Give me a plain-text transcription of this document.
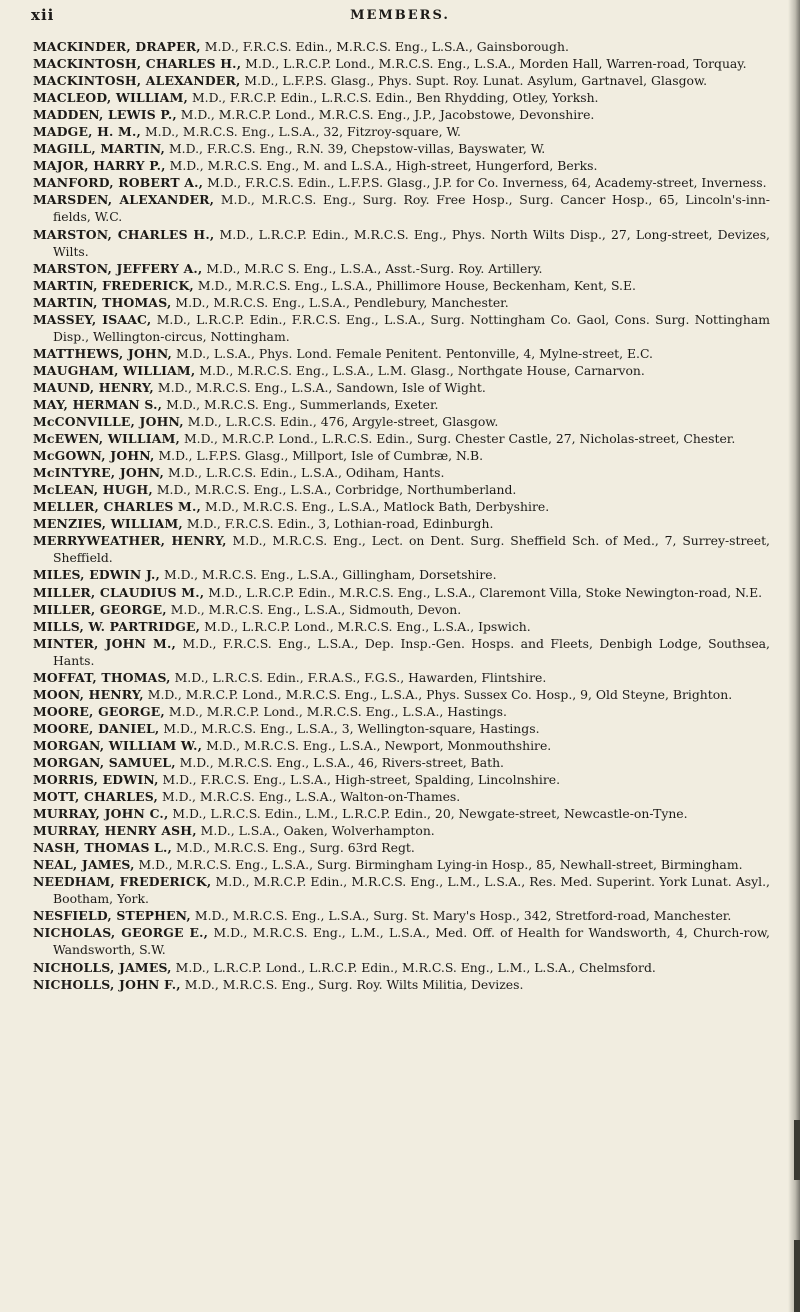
xii	MEMBERS.

MACKINDER, DRAPER, M.D., F.R.C.S. Edin., M.R.C.S. Eng., L.S.A., Gainsborough.

MACKINTOSH, CHARLES H., M.D., L.R.C.P. Lond., M.R.C.S. Eng., L.S.A., Morden Hall, Warren-road, Torquay.

MACKINTOSH, ALEXANDER, M.D., L.F.P.S. Glasg., Phys. Supt. Roy. Lunat. Asylum, Gartnavel, Glasgow.

MACLEOD, WILLIAM, M.D., F.R.C.P. Edin., L.R.C.S. Edin., Ben Rhydding, Otley, Yorksh.

MADDEN, LEWIS P., M.D., M.R.C.P. Lond., M.R.C.S. Eng., J.P., Jacobstowe, Devonshire.

MADGE, H. M., M.D., M.R.C.S. Eng., L.S.A., 32, Fitzroy-square, W.

MAGILL, MARTIN, M.D., F.R.C.S. Eng., R.N. 39, Chepstow-villas, Bayswater, W.

MAJOR, HARRY P., M.D., M.R.C.S. Eng., M. and L.S.A., High-street, Hungerford, Berks.

MANFORD, ROBERT A., M.D., F.R.C.S. Edin., L.F.P.S. Glasg., J.P. for Co. Inverness, 64, Academy-street, Inverness.

MARSDEN, ALEXANDER, M.D., M.R.C.S. Eng., Surg. Roy. Free Hosp., Surg. Cancer Hosp., 65, Lincoln's-inn-fields, W.C.

MARSTON, CHARLES H., M.D., L.R.C.P. Edin., M.R.C.S. Eng., Phys. North Wilts Disp., 27, Long-street, Devizes, Wilts.

MARSTON, JEFFERY A., M.D., M.R.C S. Eng., L.S.A., Asst.-Surg. Roy. Artillery.

MARTIN, FREDERICK, M.D., M.R.C.S. Eng., L.S.A., Phillimore House, Beckenham, Kent, S.E.

MARTIN, THOMAS, M.D., M.R.C.S. Eng., L.S.A., Pendlebury, Manchester.

MASSEY, ISAAC, M.D., L.R.C.P. Edin., F.R.C.S. Eng., L.S.A., Surg. Nottingham Co. Gaol, Cons. Surg. Nottingham Disp., Wellington-circus, Nottingham.

MATTHEWS, JOHN, M.D., L.S.A., Phys. Lond. Female Penitent. Pentonville, 4, Mylne-street, E.C.

MAUGHAM, WILLIAM, M.D., M.R.C.S. Eng., L.S.A., L.M. Glasg., Northgate House, Carnarvon.

MAUND, HENRY, M.D., M.R.C.S. Eng., L.S.A., Sandown, Isle of Wight.

MAY, HERMAN S., M.D., M.R.C.S. Eng., Summerlands, Exeter.

McCONVILLE, JOHN, M.D., L.R.C.S. Edin., 476, Argyle-street, Glasgow.

McEWEN, WILLIAM, M.D., M.R.C.P. Lond., L.R.C.S. Edin., Surg. Chester Castle, 27, Nicholas-street, Chester.

McGOWN, JOHN, M.D., L.F.P.S. Glasg., Millport, Isle of Cumbræ, N.B.

McINTYRE, JOHN, M.D., L.R.C.S. Edin., L.S.A., Odiham, Hants.

McLEAN, HUGH, M.D., M.R.C.S. Eng., L.S.A., Corbridge, Northumberland.

MELLER, CHARLES M., M.D., M.R.C.S. Eng., L.S.A., Matlock Bath, Derbyshire.

MENZIES, WILLIAM, M.D., F.R.C.S. Edin., 3, Lothian-road, Edinburgh.

MERRYWEATHER, HENRY, M.D., M.R.C.S. Eng., Lect. on Dent. Surg. Sheffield Sch. of Med., 7, Surrey-street, Sheffield.

MILES, EDWIN J., M.D., M.R.C.S. Eng., L.S.A., Gillingham, Dorsetshire.

MILLER, CLAUDIUS M., M.D., L.R.C.P. Edin., M.R.C.S. Eng., L.S.A., Claremont Villa, Stoke Newington-road, N.E.

MILLER, GEORGE, M.D., M.R.C.S. Eng., L.S.A., Sidmouth, Devon.

MILLS, W. PARTRIDGE, M.D., L.R.C.P. Lond., M.R.C.S. Eng., L.S.A., Ipswich.

MINTER, JOHN M., M.D., F.R.C.S. Eng., L.S.A., Dep. Insp.-Gen. Hosps. and Fleets, Denbigh Lodge, Southsea, Hants.

MOFFAT, THOMAS, M.D., L.R.C.S. Edin., F.R.A.S., F.G.S., Hawarden, Flintshire.

MOON, HENRY, M.D., M.R.C.P. Lond., M.R.C.S. Eng., L.S.A., Phys. Sussex Co. Hosp., 9, Old Steyne, Brighton.

MOORE, GEORGE, M.D., M.R.C.P. Lond., M.R.C.S. Eng., L.S.A., Hastings.

MOORE, DANIEL, M.D., M.R.C.S. Eng., L.S.A., 3, Wellington-square, Hastings.

MORGAN, WILLIAM W., M.D., M.R.C.S. Eng., L.S.A., Newport, Monmouthshire.

MORGAN, SAMUEL, M.D., M.R.C.S. Eng., L.S.A., 46, Rivers-street, Bath.

MORRIS, EDWIN, M.D., F.R.C.S. Eng., L.S.A., High-street, Spalding, Lincolnshire.

MOTT, CHARLES, M.D., M.R.C.S. Eng., L.S.A., Walton-on-Thames.

MURRAY, JOHN C., M.D., L.R.C.S. Edin., L.M., L.R.C.P. Edin., 20, Newgate-street, Newcastle-on-Tyne.

MURRAY, HENRY ASH, M.D., L.S.A., Oaken, Wolverhampton.

NASH, THOMAS L., M.D., M.R.C.S. Eng., Surg. 63rd Regt.

NEAL, JAMES, M.D., M.R.C.S. Eng., L.S.A., Surg. Birmingham Lying-in Hosp., 85, Newhall-street, Birmingham.

NEEDHAM, FREDERICK, M.D., M.R.C.P. Edin., M.R.C.S. Eng., L.M., L.S.A., Res. Med. Superint. York Lunat. Asyl., Bootham, York.

NESFIELD, STEPHEN, M.D., M.R.C.S. Eng., L.S.A., Surg. St. Mary's Hosp., 342, Stretford-road, Manchester.

NICHOLAS, GEORGE E., M.D., M.R.C.S. Eng., L.M., L.S.A., Med. Off. of Health for Wandsworth, 4, Church-row, Wandsworth, S.W.

NICHOLLS, JAMES, M.D., L.R.C.P. Lond., L.R.C.P. Edin., M.R.C.S. Eng., L.M., L.S.A., Chelmsford.

NICHOLLS, JOHN F., M.D., M.R.C.S. Eng., Surg. Roy. Wilts Militia, Devizes.
